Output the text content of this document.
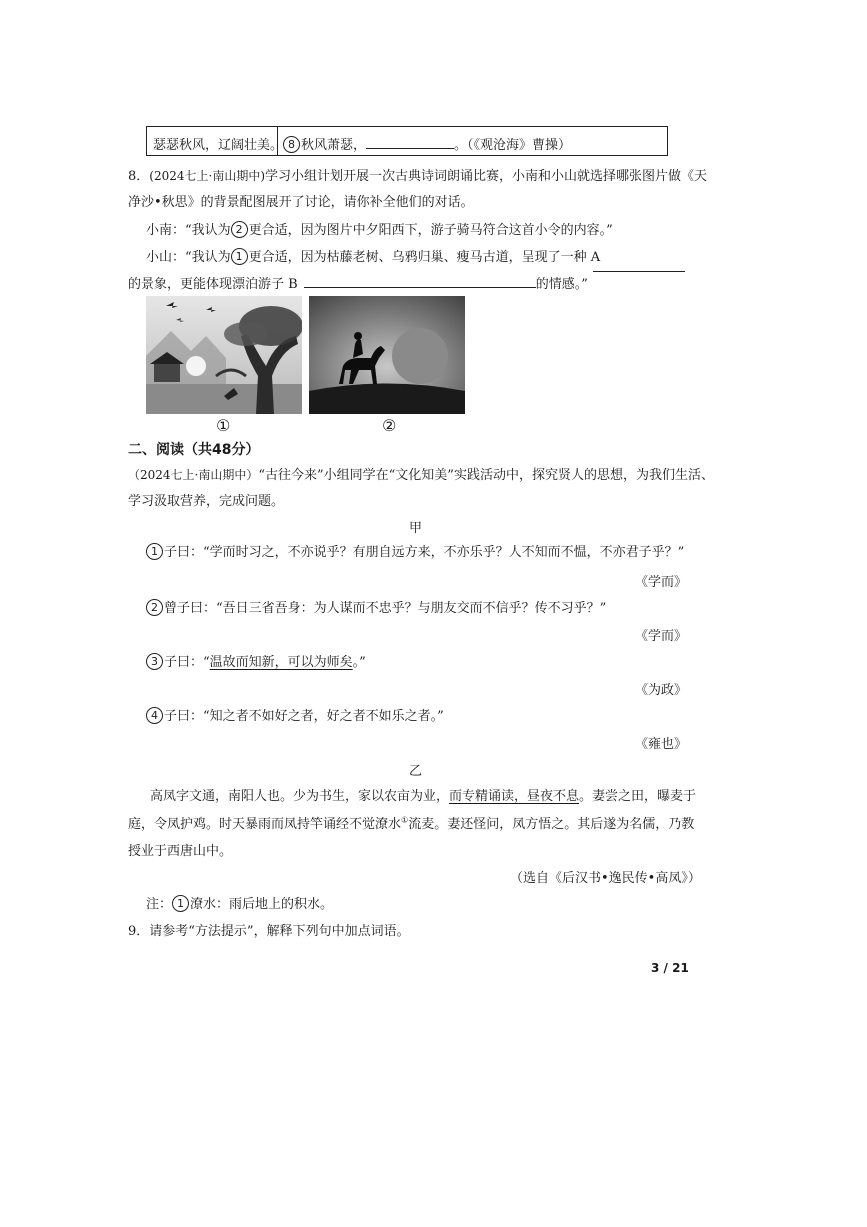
瑟瑟秋风，辽阔壮美。 8 秋风萧瑟，	。（《观沧海》曹操）
8．(2024七上·南山期中)学习小组计划开展一次古典诗词朗诵比赛，小南和小山就选择哪张图片做《天
净沙•秋思》的背景配图展开了讨论，请你补全他们的对话。
小南：“我认为 2 更合适，因为图片中夕阳西下，游子骑马符合这首小令的内容。”
小山：“我认为 1 更合适，因为枯藤老树、乌鸦归巢、瘦马古道，呈现了一种 A
的景象，更能体现漂泊游子 B	的情感。”
①	②
二、阅读（共48分）
（2024七上·南山期中）“古往今来”小组同学在“文化知美”实践活动中，探究贤人的思想，为我们生活、
学习汲取营养，完成问题。
甲
1 子曰：“学而时习之，不亦说乎？有朋自远方来，不亦乐乎？人不知而不愠，不亦君子乎？”
《学而》
2 曾子曰：“吾日三省吾身：为人谋而不忠乎？与朋友交而不信乎？传不习乎？”
《学而》
3 子曰：“温故而知新，可以为师矣。”
《为政》
4 子曰：“知之者不如好之者，好之者不如乐之者。”
《雍也》
乙
高凤字文通，南阳人也。少为书生，家以农亩为业，而专精诵读，昼夜不息。妻尝之田，曝麦于
庭，令凤护鸡。时天暴雨而凤持竿诵经不觉潦水①流麦。妻还怪问，凤方悟之。其后遂为名儒，乃教
授业于西唐山中。
（选自《后汉书•逸民传•高凤》）
注： 1 潦水：雨后地上的积水。
9．请参考“方法提示”，解释下列句中加点词语。
3 / 21
